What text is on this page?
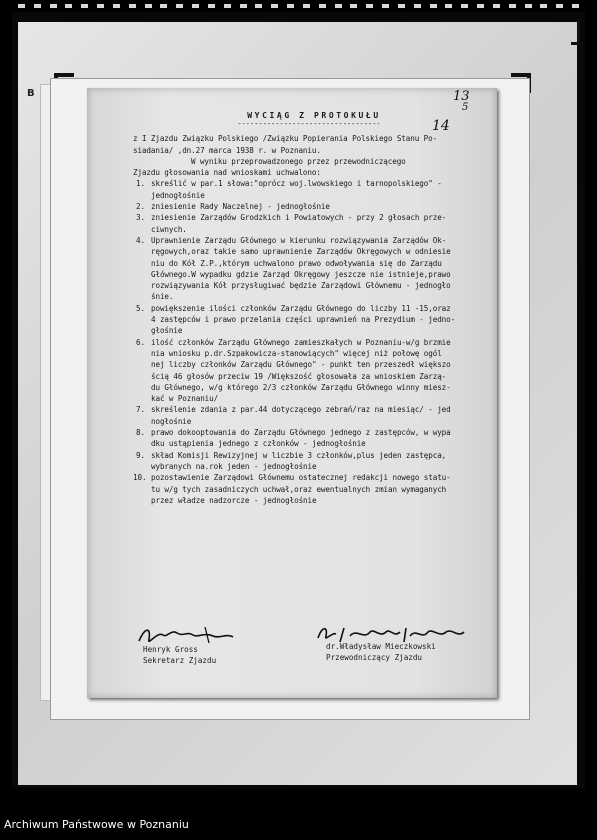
B	13
5
14
WYCIĄG Z PROTOKUŁU
----------------------------------
z I Zjazdu Związku Polskiego /Związku Popierania Polskiego Stanu Po-
siadania/ ,dn.27 marca 1938 r. w Poznaniu.
W wyniku przeprowadzonego przez przewodniczącego
Zjazdu głosowania nad wnioskami uchwalono:
1. skreślić w par.1 słowa:"oprócz woj.lwowskiego i tarnopolskiego" -
jednogłośnie
2. zniesienie Rady Naczelnej - jednogłośnie
3. zniesienie Zarządów Grodzkich i Powiatowych - przy 2 głosach prze-
ciwnych.
4. Uprawnienie Zarządu Głównego w kierunku rozwiązywania Zarządów Ok-
ręgowych,oraz takie samo uprawnienie Zarządów Okręgowych w odniesie
niu do Kół Z.P.,którym uchwalono prawo odwoływania się do Zarządu
Głównego.W wypadku gdzie Zarząd Okręgowy jeszcze nie istnieje,prawo
rozwiązywania Kół przysługiwać będzie Zarządowi Głównemu - jednogło
śnie.
5. powiększenie ilości członków Zarządu Głównego do liczby 11 -15,oraz
4 zastępców i prawo przelania części uprawnień na Prezydium - jedno-
głośnie
6. ilość członków Zarządu Głównego zamieszkałych w Poznaniu-w/g brzmie
nia wniosku p.dr.Szpakowicza-stanowiących" więcej niż połowę ogól
nej liczby członków Zarządu Głównego" - punkt ten przeszedł większo
ścią 46 głosów przeciw 19 /Większość głosowała za wnioskiem Zarzą-
du Głównego, w/g którego 2/3 członków Zarządu Głównego winny miesz-
kać w Poznaniu/
7. skreślenie zdania z par.44 dotyczącego zebrań/raz na miesiąc/ - jed
nogłośnie
8. prawo dokooptowania do Zarządu Głównego jednego z zastępców, w wypa
dku ustąpienia jednego z członków - jednogłośnie
9. skład Komisji Rewizyjnej w liczbie 3 członków,plus jeden zastępca,
wybranych na.rok jeden - jednogłośnie
10. pozostawienie Zarządowi Głównemu ostatecznej redakcji nowego statu-
tu w/g tych zasadniczych uchwał,oraz ewentualnych zmian wymaganych
przez władze nadzorcze - jednogłośnie
Henryk Gross
Sekretarz Zjazdu
dr.Władysław Mieczkowski
Przewodniczący Zjazdu
Archiwum Państwowe w Poznaniu
